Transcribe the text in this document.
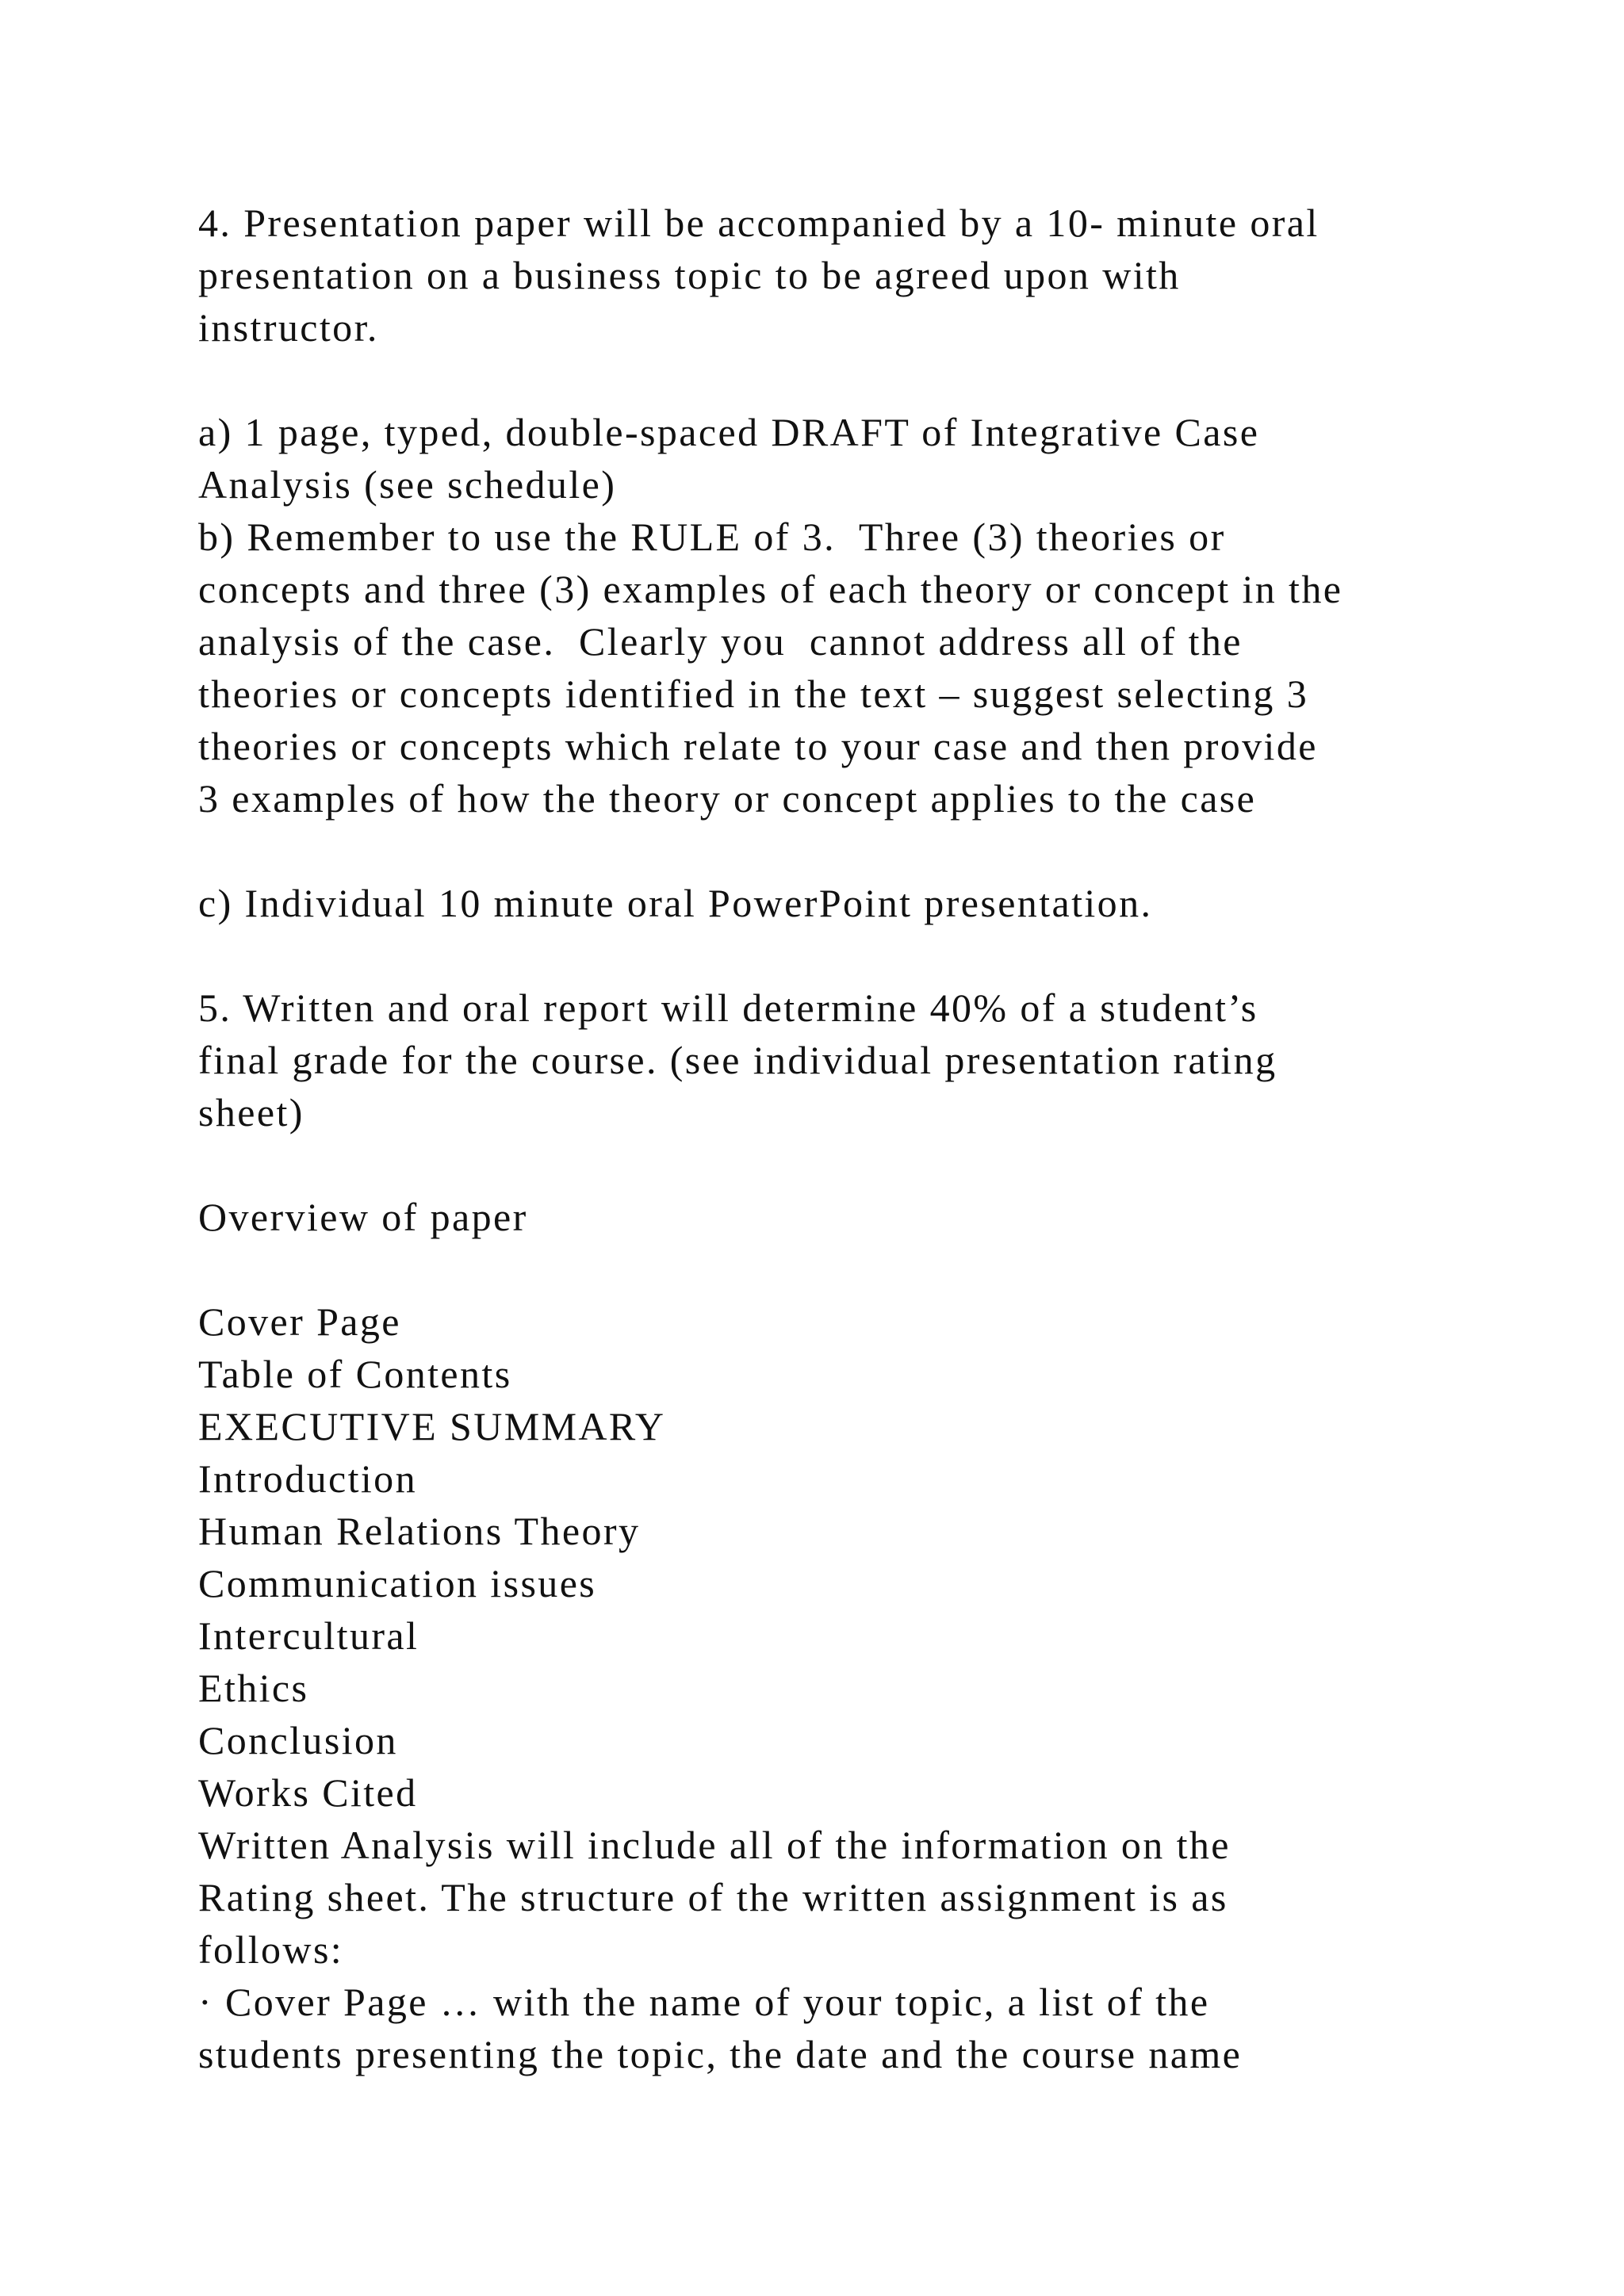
4. Presentation paper will be accompanied by a 10- minute oral
presentation on a business topic to be agreed upon with
instructor.
a) 1 page, typed, double-spaced DRAFT of Integrative Case
Analysis (see schedule)
b) Remember to use the RULE of 3.  Three (3) theories or
concepts and three (3) examples of each theory or concept in the
analysis of the case.  Clearly you  cannot address all of the
theories or concepts identified in the text – suggest selecting 3
theories or concepts which relate to your case and then provide
3 examples of how the theory or concept applies to the case
c) Individual 10 minute oral PowerPoint presentation.
5. Written and oral report will determine 40% of a student’s
final grade for the course. (see individual presentation rating
sheet)
Overview of paper
Cover Page
Table of Contents
EXECUTIVE SUMMARY
Introduction
Human Relations Theory
Communication issues
Intercultural
Ethics
Conclusion
Works Cited
Written Analysis will include all of the information on the
Rating sheet. The structure of the written assignment is as
follows:
· Cover Page … with the name of your topic, a list of the
students presenting the topic, the date and the course name
